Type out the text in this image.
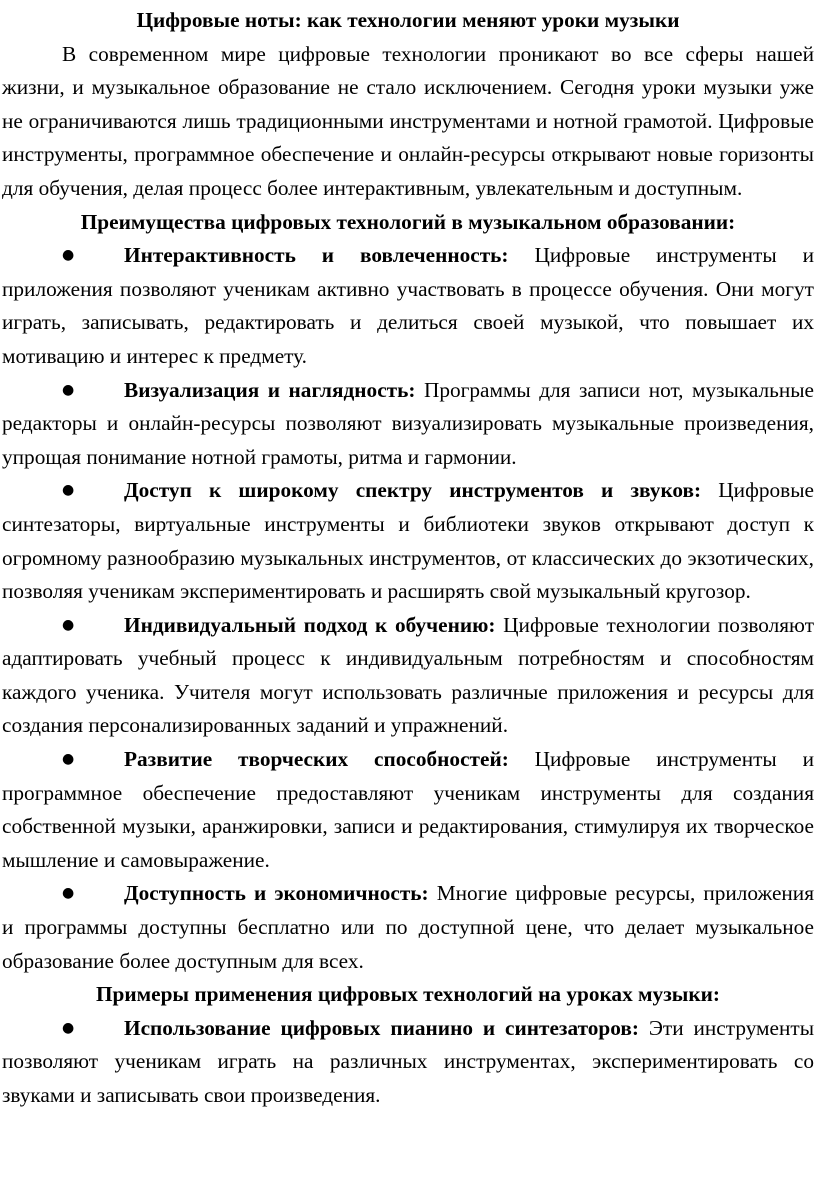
Цифровые ноты: как технологии меняют уроки музыки

В современном мире цифровые технологии проникают во все сферы нашей жизни, и музыкальное образование не стало исключением. Сегодня уроки музыки уже не ограничиваются лишь традиционными инструментами и нотной грамотой. Цифровые инструменты, программное обеспечение и онлайн-ресурсы открывают новые горизонты для обучения, делая процесс более интерактивным, увлекательным и доступным.

Преимущества цифровых технологий в музыкальном образовании:

● Интерактивность и вовлеченность: Цифровые инструменты и приложения позволяют ученикам активно участвовать в процессе обучения. Они могут играть, записывать, редактировать и делиться своей музыкой, что повышает их мотивацию и интерес к предмету.

● Визуализация и наглядность: Программы для записи нот, музыкальные редакторы и онлайн-ресурсы позволяют визуализировать музыкальные произведения, упрощая понимание нотной грамоты, ритма и гармонии.

● Доступ к широкому спектру инструментов и звуков: Цифровые синтезаторы, виртуальные инструменты и библиотеки звуков открывают доступ к огромному разнообразию музыкальных инструментов, от классических до экзотических, позволяя ученикам экспериментировать и расширять свой музыкальный кругозор.

● Индивидуальный подход к обучению: Цифровые технологии позволяют адаптировать учебный процесс к индивидуальным потребностям и способностям каждого ученика. Учителя могут использовать различные приложения и ресурсы для создания персонализированных заданий и упражнений.

● Развитие творческих способностей: Цифровые инструменты и программное обеспечение предоставляют ученикам инструменты для создания собственной музыки, аранжировки, записи и редактирования, стимулируя их творческое мышление и самовыражение.

● Доступность и экономичность: Многие цифровые ресурсы, приложения и программы доступны бесплатно или по доступной цене, что делает музыкальное образование более доступным для всех.

Примеры применения цифровых технологий на уроках музыки:

● Использование цифровых пианино и синтезаторов: Эти инструменты позволяют ученикам играть на различных инструментах, экспериментировать со звуками и записывать свои произведения.
